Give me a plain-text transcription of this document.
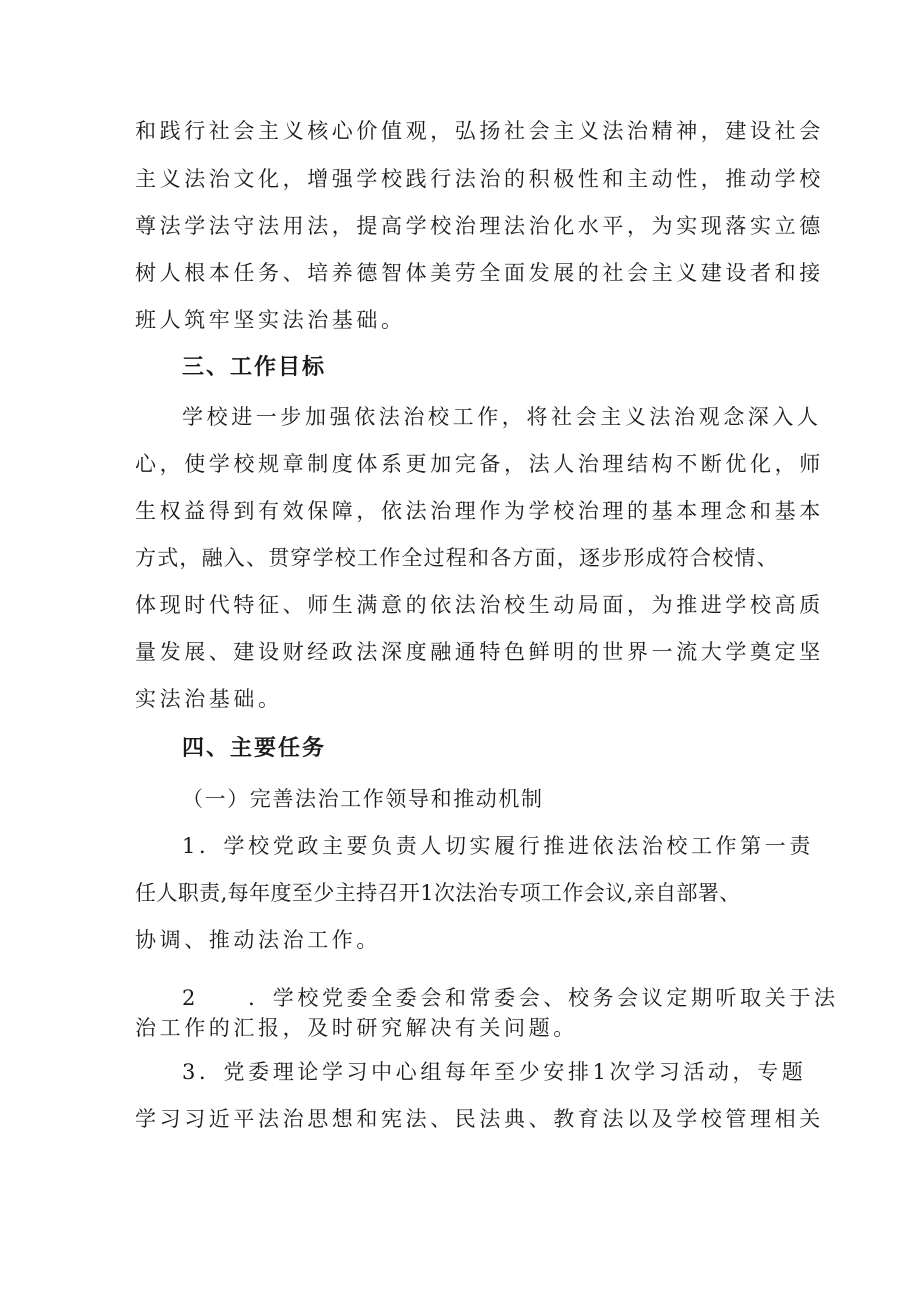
和践行社会主义核心价值观，弘扬社会主义法治精神，建设社会
主义法治文化，增强学校践行法治的积极性和主动性，推动学校
尊法学法守法用法，提高学校治理法治化水平，为实现落实立德
树人根本任务、培养德智体美劳全面发展的社会主义建设者和接
班人筑牢坚实法治基础。
三、工作目标
学校进一步加强依法治校工作，将社会主义法治观念深入人
心，使学校规章制度体系更加完备，法人治理结构不断优化，师
生权益得到有效保障，依法治理作为学校治理的基本理念和基本
方式，融入、贯穿学校工作全过程和各方面，逐步形成符合校情、
体现时代特征、师生满意的依法治校生动局面，为推进学校高质
量发展、建设财经政法深度融通特色鲜明的世界一流大学奠定坚
实法治基础。
四、主要任务
（一）完善法治工作领导和推动机制
1．学校党政主要负责人切实履行推进依法治校工作第一责
任人职责,每年度至少主持召开1次法治专项工作会议,亲自部署、
协调、推动法治工作。
2　　．学校党委全委会和常委会、校务会议定期听取关于法
治工作的汇报，及时研究解决有关问题。
3．党委理论学习中心组每年至少安排1次学习活动，专题
学习习近平法治思想和宪法、民法典、教育法以及学校管理相关
